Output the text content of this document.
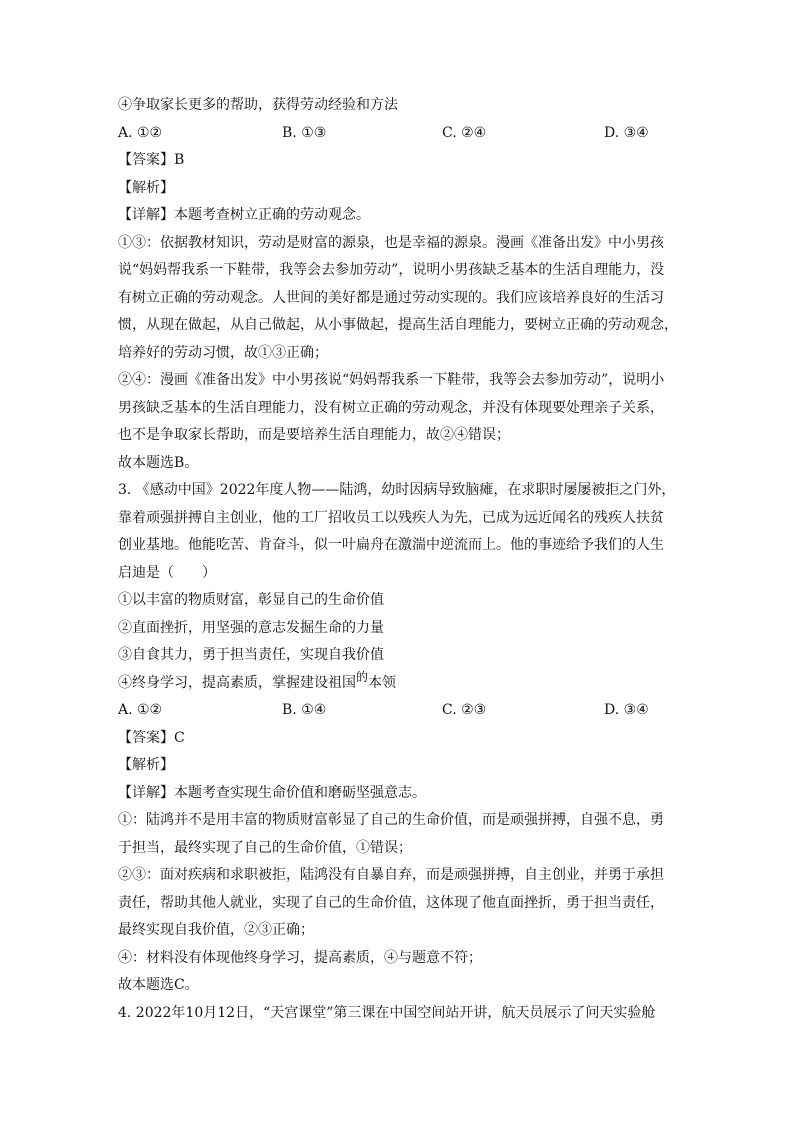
④争取家长更多的帮助，获得劳动经验和方法
A. ①②	B. ①③	C. ②④	D. ③④
【答案】B
【解析】
【详解】本题考查树立正确的劳动观念。
①③：依据教材知识，劳动是财富的源泉，也是幸福的源泉。漫画《准备出发》中小男孩
说“妈妈帮我系一下鞋带，我等会去参加劳动”，说明小男孩缺乏基本的生活自理能力，没
有树立正确的劳动观念。人世间的美好都是通过劳动实现的。我们应该培养良好的生活习
惯，从现在做起，从自己做起，从小事做起，提高生活自理能力，要树立正确的劳动观念，
培养好的劳动习惯，故①③正确；
②④：漫画《准备出发》中小男孩说“妈妈帮我系一下鞋带，我等会去参加劳动”，说明小
男孩缺乏基本的生活自理能力，没有树立正确的劳动观念，并没有体现要处理亲子关系，
也不是争取家长帮助，而是要培养生活自理能力，故②④错误；
故本题选B。
3. 《感动中国》2022年度人物——陆鸿，幼时因病导致脑瘫，在求职时屡屡被拒之门外，
靠着顽强拼搏自主创业，他的工厂招收员工以残疾人为先，已成为远近闻名的残疾人扶贫
创业基地。他能吃苦、肯奋斗，似一叶扁舟在激湍中逆流而上。他的事迹给予我们的人生
启迪是（　　）
①以丰富的物质财富，彰显自己的生命价值
②直面挫折，用坚强的意志发掘生命的力量
③自食其力，勇于担当责任，实现自我价值
④终身学习，提高素质，掌握建设祖国的本领
A. ①②	B. ①④	C. ②③	D. ③④
【答案】C
【解析】
【详解】本题考查实现生命价值和磨砺坚强意志。
①：陆鸿并不是用丰富的物质财富彰显了自己的生命价值，而是顽强拼搏，自强不息，勇
于担当，最终实现了自己的生命价值，①错误；
②③：面对疾病和求职被拒，陆鸿没有自暴自弃，而是顽强拼搏，自主创业，并勇于承担
责任，帮助其他人就业，实现了自己的生命价值，这体现了他直面挫折，勇于担当责任，
最终实现自我价值，②③正确；
④：材料没有体现他终身学习，提高素质，④与题意不符；
故本题选C。
4. 2022年10月12日，“天宫课堂”第三课在中国空间站开讲，航天员展示了问天实验舱
